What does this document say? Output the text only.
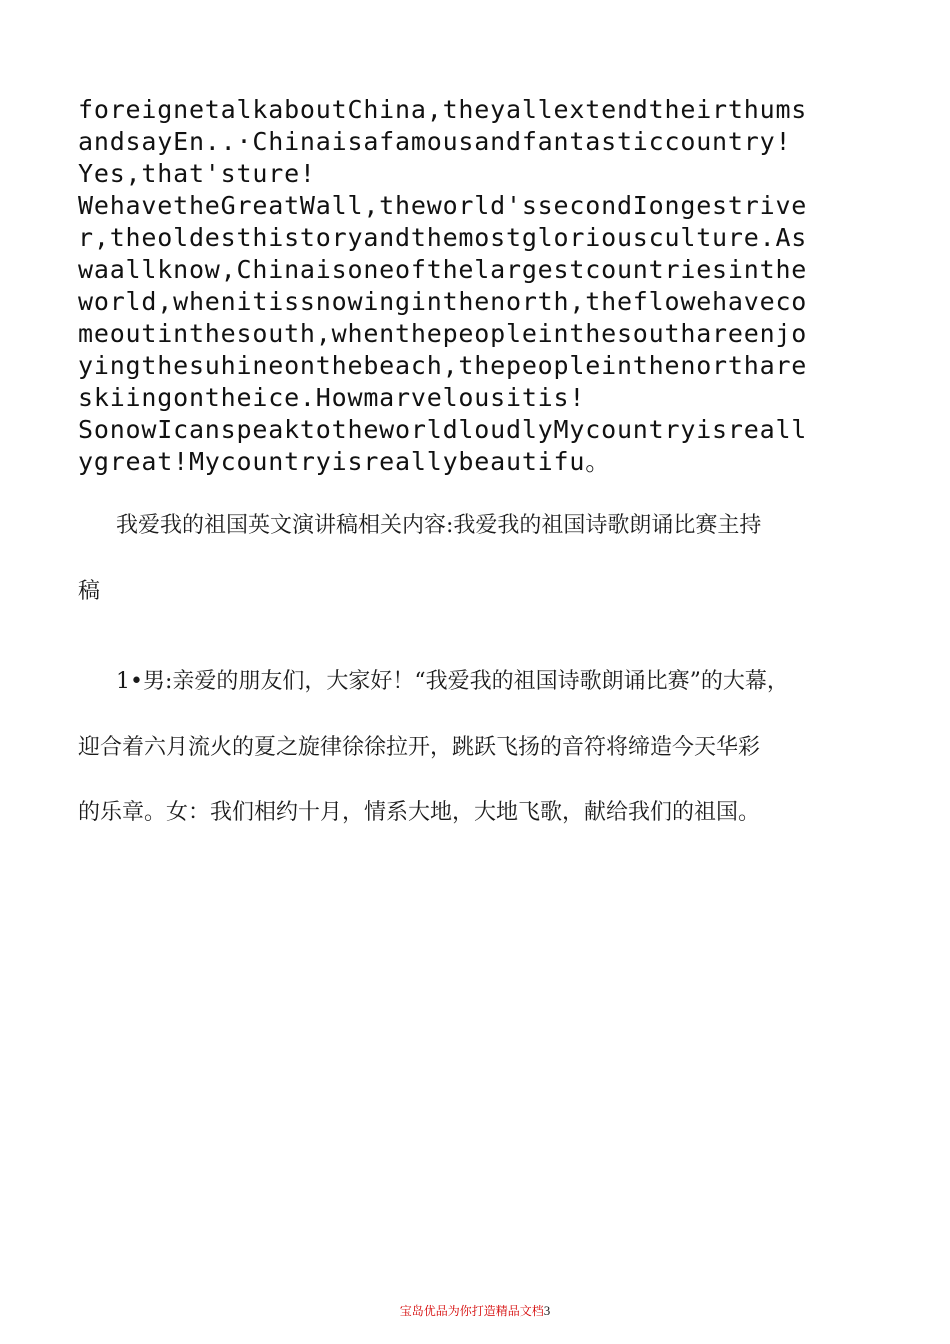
foreignetalkaboutChina,theyallextendtheirthums
andsayEn..·Chinaisafamousandfantasticcountry!
Yes,that'sture!
WehavetheGreatWall,theworld'ssecondIongestrive
r,theoldesthistoryandthemostgloriousculture.As
waallknow,Chinaisoneofthelargestcountriesinthe
world,whenitissnowinginthenorth,theflowehaveco
meoutinthesouth,whenthepeopleinthesouthareenjo
yingthesuhineonthebeach,thepeopleinthenorthare
skiingontheice.Howmarvelousitis!
SonowIcanspeaktotheworldloudlyMycountryisreall
ygreat!Mycountryisreallybeautifu。
我爱我的祖国英文演讲稿相关内容:我爱我的祖国诗歌朗诵比赛主持
稿
1•男:亲爱的朋友们，大家好！“我爱我的祖国诗歌朗诵比赛”的大幕，
迎合着六月流火的夏之旋律徐徐拉开，跳跃飞扬的音符将缔造今天华彩
的乐章。女：我们相约十月，情系大地，大地飞歌，献给我们的祖国。
宝岛优品为你打造精品文档3
